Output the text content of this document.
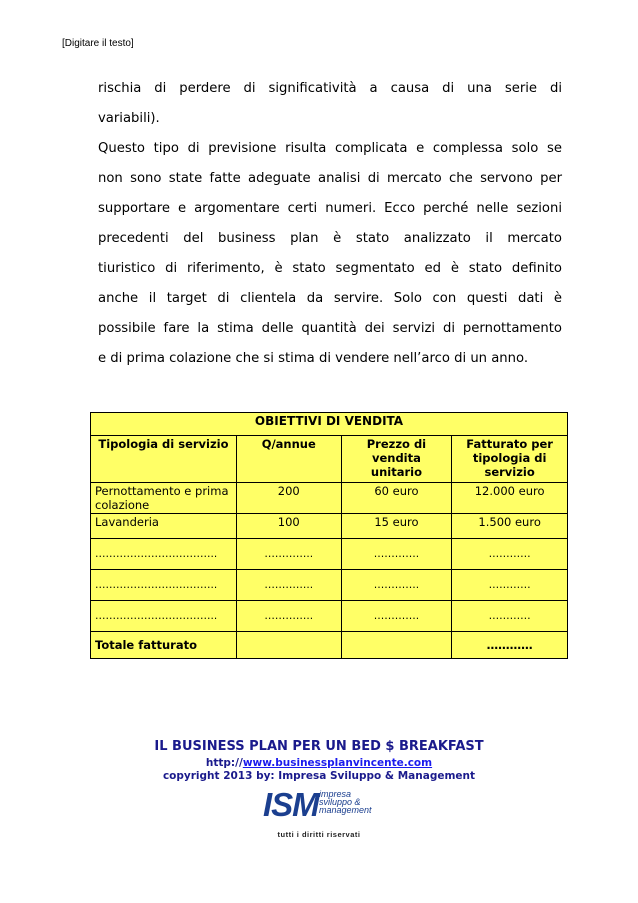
[Digitare il testo]
rischia di perdere di significatività a causa di una serie di
variabili).
Questo tipo di previsione risulta complicata e complessa solo se
non sono state fatte adeguate analisi di mercato che servono per
supportare e argomentare certi numeri. Ecco perché nelle sezioni
precedenti del business plan è stato analizzato il mercato
tiuristico di riferimento, è stato segmentato ed è stato definito
anche il target di clientela da servire. Solo con questi dati è
possibile fare la stima delle quantità dei servizi di pernottamento
e di prima colazione che si stima di vendere nell’arco di un anno.
OBIETTIVI DI VENDITA			
Tipologia di servizio	Q/annue	Prezzo di vendita unitario	Fatturato per tipologia di servizio
Pernottamento e prima colazione	200	60 euro	12.000 euro
Lavanderia	100	15 euro	1.500 euro
……………………………..	…………..	………….	…………
……………………………..	…………..	………….	…………
……………………………..	…………..	………….	…………
Totale fatturato			…………
IL BUSINESS PLAN PER UN BED $ BREAKFAST
http://www.businessplanvincente.com
copyright 2013 by: Impresa Sviluppo & Management
ISM impresa
sviluppo &
management
tutti i diritti riservati
